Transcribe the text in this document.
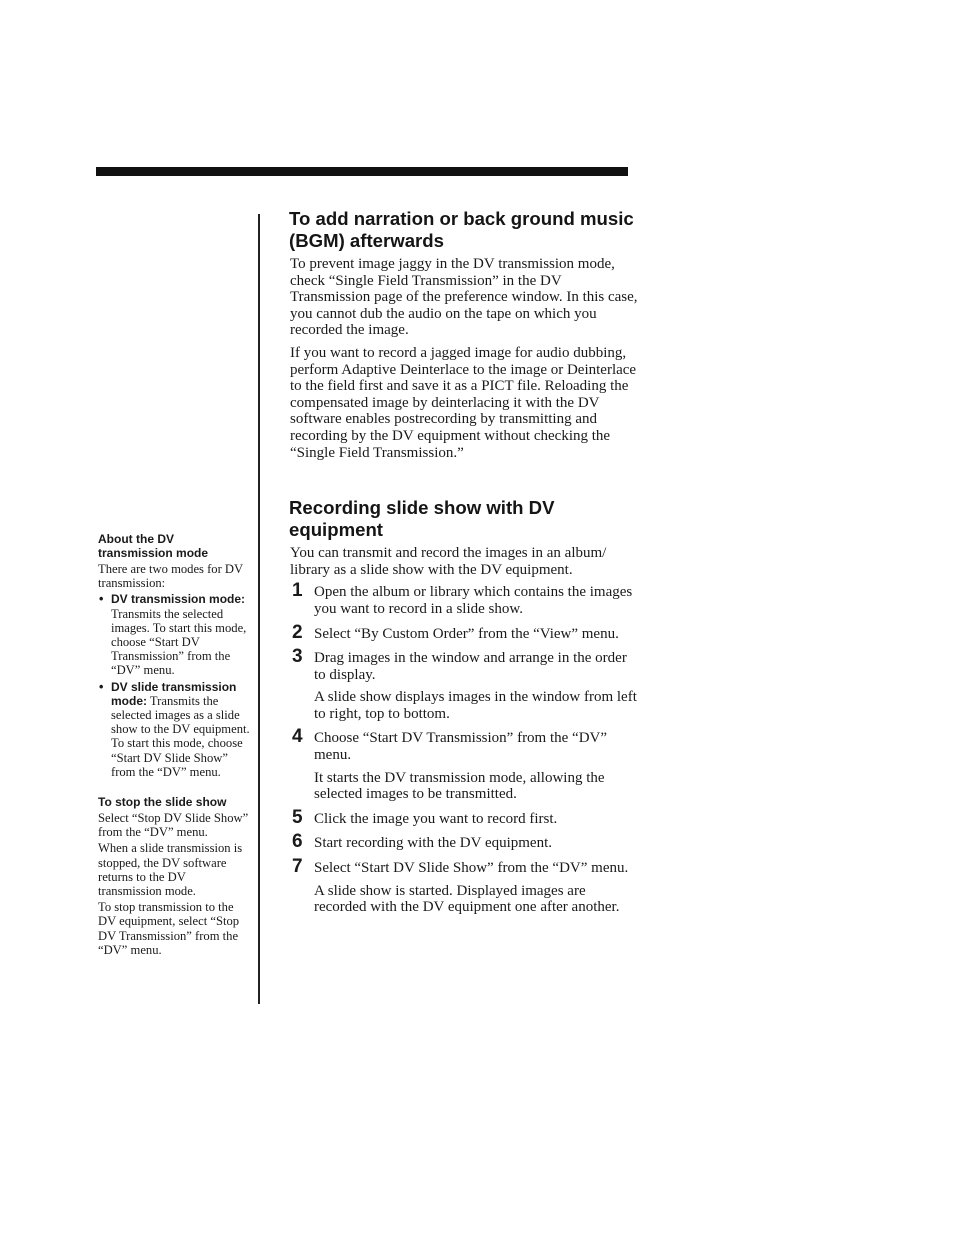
About the DV transmission mode

There are two modes for DV transmission:

• DV transmission mode: Transmits the selected images. To start this mode, choose “Start DV Transmission” from the “DV” menu.
• DV slide transmission mode: Transmits the selected images as a slide show to the DV equipment. To start this mode, choose “Start DV Slide Show” from the “DV” menu.

To stop the slide show

Select “Stop DV Slide Show” from the “DV” menu.

When a slide transmission is stopped, the DV software returns to the DV transmission mode.

To stop transmission to the DV equipment, select “Stop DV Transmission” from the “DV” menu.

To add narration or back ground music (BGM) afterwards

To prevent image jaggy in the DV transmission mode, check “Single Field Transmission” in the DV Transmission page of the preference window. In this case, you cannot dub the audio on the tape on which you recorded the image.

If you want to record a jagged image for audio dubbing, perform Adaptive Deinterlace to the image or Deinterlace to the field first and save it as a PICT file. Reloading the compensated image by deinterlacing it with the DV software enables postrecording by transmitting and recording by the DV equipment without checking the “Single Field Transmission.”

Recording slide show with DV equipment

You can transmit and record the images in an album/ library as a slide show with the DV equipment.

1 Open the album or library which contains the images you want to record in a slide show.
2 Select “By Custom Order” from the “View” menu.
3 Drag images in the window and arrange in the order to display.
A slide show displays images in the window from left to right, top to bottom.
4 Choose “Start DV Transmission” from the “DV” menu.
It starts the DV transmission mode, allowing the selected images to be transmitted.
5 Click the image you want to record first.
6 Start recording with the DV equipment.
7 Select “Start DV Slide Show” from the “DV” menu.
A slide show is started. Displayed images are recorded with the DV equipment one after another.
